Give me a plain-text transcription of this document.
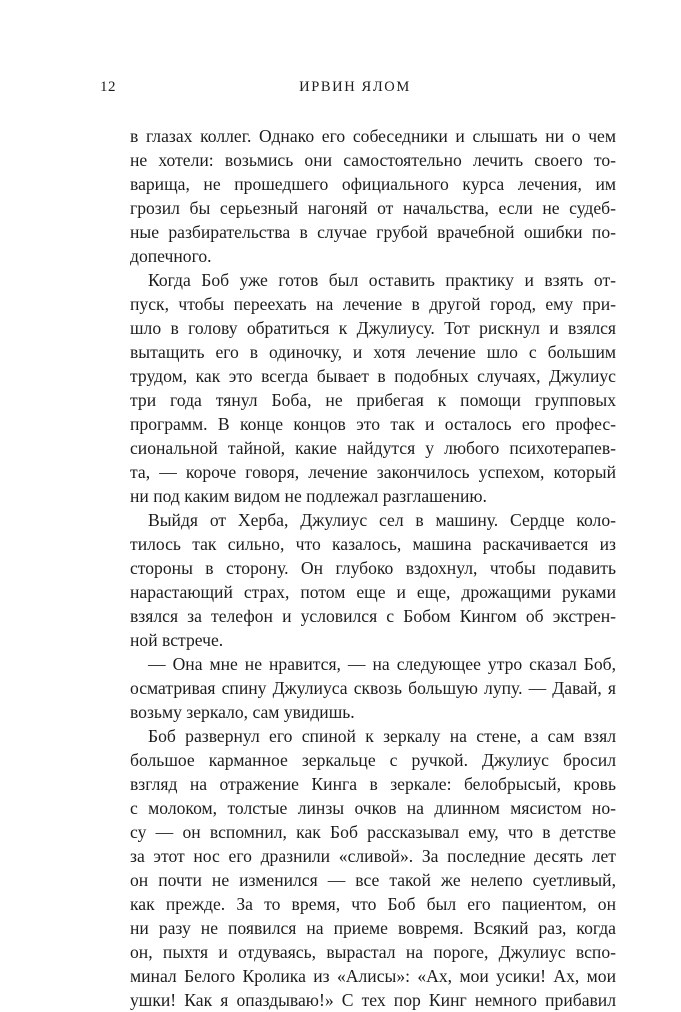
12	ИРВИН ЯЛОМ
в глазах коллег. Однако его собеседники и слышать ни о чем
не хотели: возьмись они самостоятельно лечить своего то-
варища, не прошедшего официального курса лечения, им
грозил бы серьезный нагоняй от начальства, если не судеб-
ные разбирательства в случае грубой врачебной ошибки по-
допечного.
Когда Боб уже готов был оставить практику и взять от-
пуск, чтобы переехать на лечение в другой город, ему при-
шло в голову обратиться к Джулиусу. Тот рискнул и взялся
вытащить его в одиночку, и хотя лечение шло с большим
трудом, как это всегда бывает в подобных случаях, Джулиус
три года тянул Боба, не прибегая к помощи групповых
программ. В конце концов это так и осталось его профес-
сиональной тайной, какие найдутся у любого психотерапев-
та, — короче говоря, лечение закончилось успехом, который
ни под каким видом не подлежал разглашению.
Выйдя от Херба, Джулиус сел в машину. Сердце коло-
тилось так сильно, что казалось, машина раскачивается из
стороны в сторону. Он глубоко вздохнул, чтобы подавить
нарастающий страх, потом еще и еще, дрожащими руками
взялся за телефон и условился с Бобом Кингом об экстрен-
ной встрече.
— Она мне не нравится, — на следующее утро сказал Боб,
осматривая спину Джулиуса сквозь большую лупу. — Давай, я
возьму зеркало, сам увидишь.
Боб развернул его спиной к зеркалу на стене, а сам взял
большое карманное зеркальце с ручкой. Джулиус бросил
взгляд на отражение Кинга в зеркале: белобрысый, кровь
с молоком, толстые линзы очков на длинном мясистом но-
су — он вспомнил, как Боб рассказывал ему, что в детстве
за этот нос его дразнили «сливой». За последние десять лет
он почти не изменился — все такой же нелепо суетливый,
как прежде. За то время, что Боб был его пациентом, он
ни разу не появился на приеме вовремя. Всякий раз, когда
он, пыхтя и отдуваясь, вырастал на пороге, Джулиус вспо-
минал Белого Кролика из «Алисы»: «Ах, мои усики! Ах, мои
ушки! Как я опаздываю!» С тех пор Кинг немного прибавил
